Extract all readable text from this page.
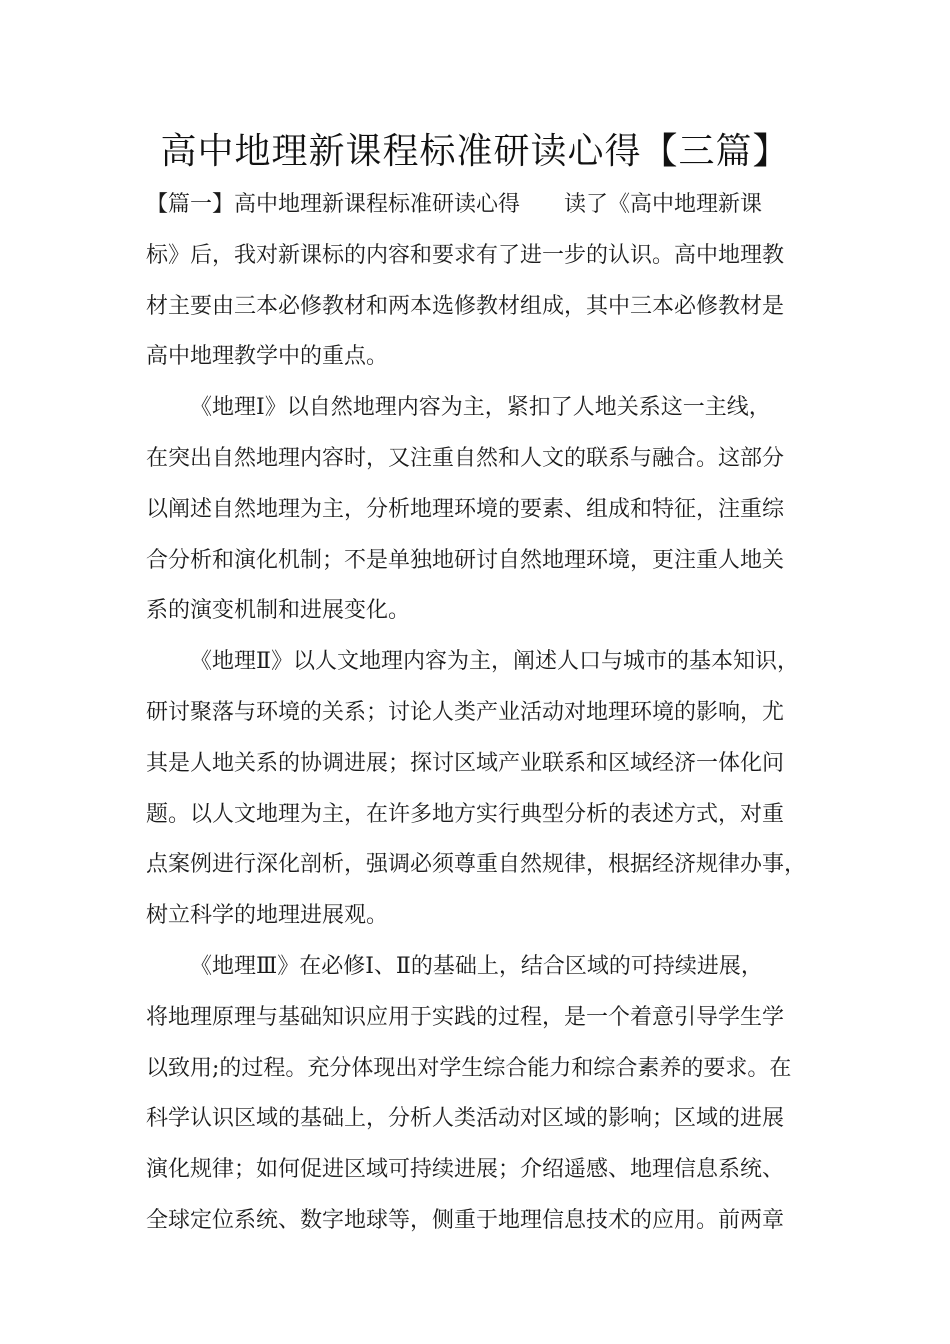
高中地理新课程标准研读心得【三篇】
【篇一】高中地理新课程标准研读心得　　读了《高中地理新课
标》后，我对新课标的内容和要求有了进一步的认识。高中地理教
材主要由三本必修教材和两本选修教材组成，其中三本必修教材是
高中地理教学中的重点。
《地理Ⅰ》以自然地理内容为主，紧扣了人地关系这一主线，
在突出自然地理内容时，又注重自然和人文的联系与融合。这部分
以阐述自然地理为主，分析地理环境的要素、组成和特征，注重综
合分析和演化机制；不是单独地研讨自然地理环境，更注重人地关
系的演变机制和进展变化。
《地理Ⅱ》以人文地理内容为主，阐述人口与城市的基本知识，
研讨聚落与环境的关系；讨论人类产业活动对地理环境的影响，尤
其是人地关系的协调进展；探讨区域产业联系和区域经济一体化问
题。以人文地理为主，在许多地方实行典型分析的表述方式，对重
点案例进行深化剖析，强调必须尊重自然规律，根据经济规律办事，
树立科学的地理进展观。
《地理Ⅲ》在必修Ⅰ、Ⅱ的基础上，结合区域的可持续进展，
将地理原理与基础知识应用于实践的过程，是一个着意引导学生学
以致用;的过程。充分体现出对学生综合能力和综合素养的要求。在
科学认识区域的基础上，分析人类活动对区域的影响；区域的进展
演化规律；如何促进区域可持续进展；介绍遥感、地理信息系统、
全球定位系统、数字地球等，侧重于地理信息技术的应用。前两章
